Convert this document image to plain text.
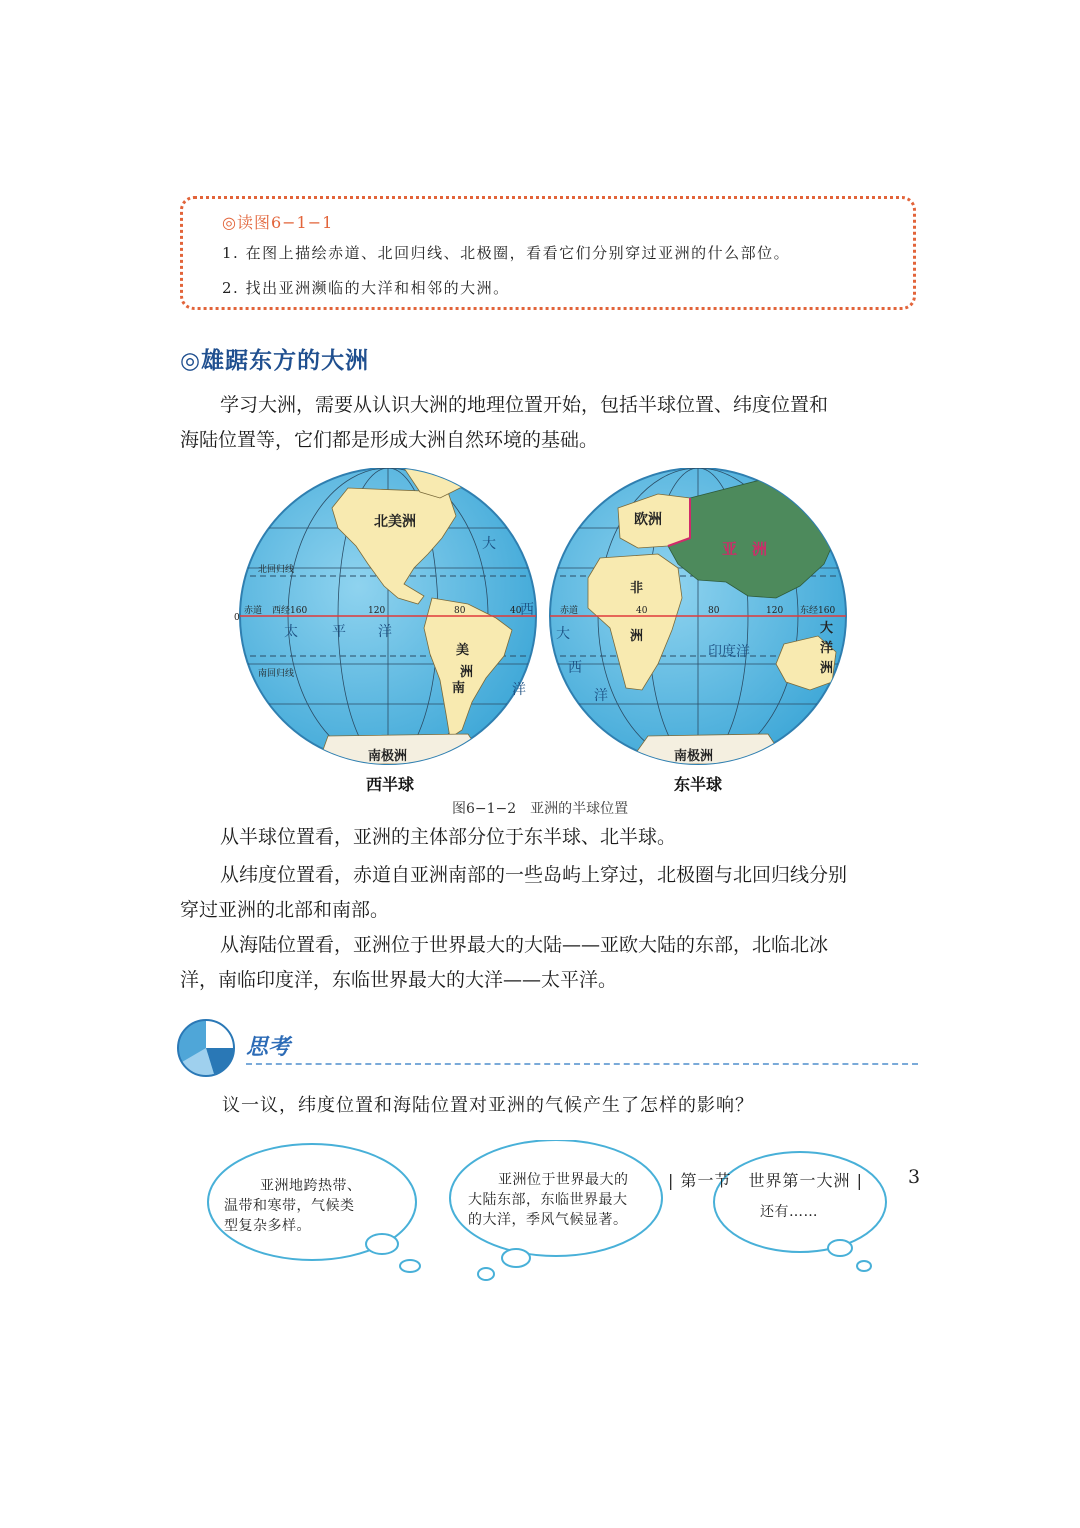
◎读图6−1−1
1. 在图上描绘赤道、北回归线、北极圈，看看它们分别穿过亚洲的什么部位。
2. 找出亚洲濒临的大洋和相邻的大洲。
◎雄踞东方的大洲
学习大洲，需要从认识大洲的地理位置开始，包括半球位置、纬度位置和
海陆位置等，它们都是形成大洲自然环境的基础。
北美洲
南
美
洲
南极洲
太 平 洋
大
西
洋
北回归线
赤道
南回归线
西经160	120	80	40
0
欧洲
亚　洲
非
洲
大
洋
洲
南极洲
印度洋
大
西
洋
赤道	东经160
40	80	120
西半球	东半球
图6−1−2　亚洲的半球位置
从半球位置看，亚洲的主体部分位于东半球、北半球。
从纬度位置看，赤道自亚洲南部的一些岛屿上穿过，北极圈与北回归线分别
穿过亚洲的北部和南部。
从海陆位置看，亚洲位于世界最大的大陆——亚欧大陆的东部，北临北冰
洋，南临印度洋，东临世界最大的大洋——太平洋。
思考
议一议，纬度位置和海陆位置对亚洲的气候产生了怎样的影响？
亚洲地跨热带、
温带和寒带，气候类
型复杂多样。
亚洲位于世界最大的
大陆东部，东临世界最大
的大洋，季风气候显著。	还有……
| 第一节　世界第一大洲 | 3
